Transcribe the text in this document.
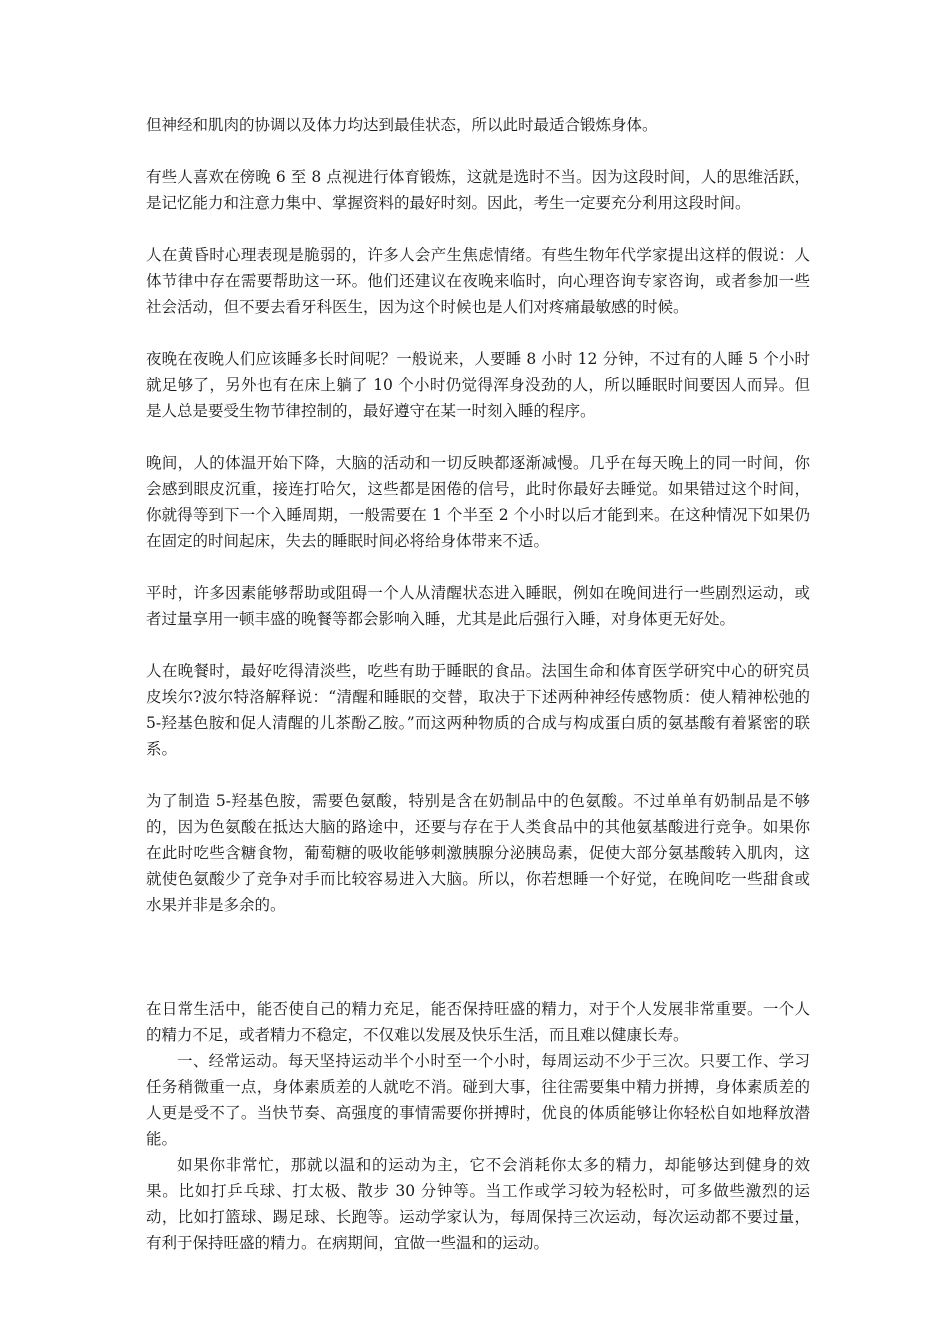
但神经和肌肉的协调以及体力均达到最佳状态，所以此时最适合锻炼身体。

有些人喜欢在傍晚 6 至 8 点视进行体育锻炼，这就是选时不当。因为这段时间，人的思维活跃，是记忆能力和注意力集中、掌握资料的最好时刻。因此，考生一定要充分利用这段时间。

人在黄昏时心理表现是脆弱的，许多人会产生焦虑情绪。有些生物年代学家提出这样的假说：人体节律中存在需要帮助这一环。他们还建议在夜晚来临时，向心理咨询专家咨询，或者参加一些社会活动，但不要去看牙科医生，因为这个时候也是人们对疼痛最敏感的时候。

夜晚在夜晚人们应该睡多长时间呢？一般说来，人要睡 8 小时 12 分钟，不过有的人睡 5 个小时就足够了，另外也有在床上躺了 10 个小时仍觉得浑身没劲的人，所以睡眠时间要因人而异。但是人总是要受生物节律控制的，最好遵守在某一时刻入睡的程序。

晚间，人的体温开始下降，大脑的活动和一切反映都逐渐减慢。几乎在每天晚上的同一时间，你会感到眼皮沉重，接连打哈欠，这些都是困倦的信号，此时你最好去睡觉。如果错过这个时间，你就得等到下一个入睡周期，一般需要在 1 个半至 2 个小时以后才能到来。在这种情况下如果仍在固定的时间起床，失去的睡眠时间必将给身体带来不适。

平时，许多因素能够帮助或阻碍一个人从清醒状态进入睡眠，例如在晚间进行一些剧烈运动，或者过量享用一顿丰盛的晚餐等都会影响入睡，尤其是此后强行入睡，对身体更无好处。

人在晚餐时，最好吃得清淡些，吃些有助于睡眠的食品。法国生命和体育医学研究中心的研究员皮埃尔?波尔特洛解释说：“清醒和睡眠的交替，取决于下述两种神经传感物质：使人精神松弛的 5-羟基色胺和促人清醒的儿茶酚乙胺。”而这两种物质的合成与构成蛋白质的氨基酸有着紧密的联系。

为了制造 5-羟基色胺，需要色氨酸，特别是含在奶制品中的色氨酸。不过单单有奶制品是不够的，因为色氨酸在抵达大脑的路途中，还要与存在于人类食品中的其他氨基酸进行竞争。如果你在此时吃些含糖食物，葡萄糖的吸收能够刺激胰腺分泌胰岛素，促使大部分氨基酸转入肌肉，这就使色氨酸少了竞争对手而比较容易进入大脑。所以，你若想睡一个好觉，在晚间吃一些甜食或水果并非是多余的。

在日常生活中，能否使自己的精力充足，能否保持旺盛的精力，对于个人发展非常重要。一个人的精力不足，或者精力不稳定，不仅难以发展及快乐生活，而且难以健康长寿。

一、经常运动。每天坚持运动半个小时至一个小时，每周运动不少于三次。只要工作、学习任务稍微重一点，身体素质差的人就吃不消。碰到大事，往往需要集中精力拼搏，身体素质差的人更是受不了。当快节奏、高强度的事情需要你拼搏时，优良的体质能够让你轻松自如地释放潜能。

如果你非常忙，那就以温和的运动为主，它不会消耗你太多的精力，却能够达到健身的效果。比如打乒乓球、打太极、散步 30 分钟等。当工作或学习较为轻松时，可多做些激烈的运动，比如打篮球、踢足球、长跑等。运动学家认为，每周保持三次运动，每次运动都不要过量，有利于保持旺盛的精力。在病期间，宜做一些温和的运动。
